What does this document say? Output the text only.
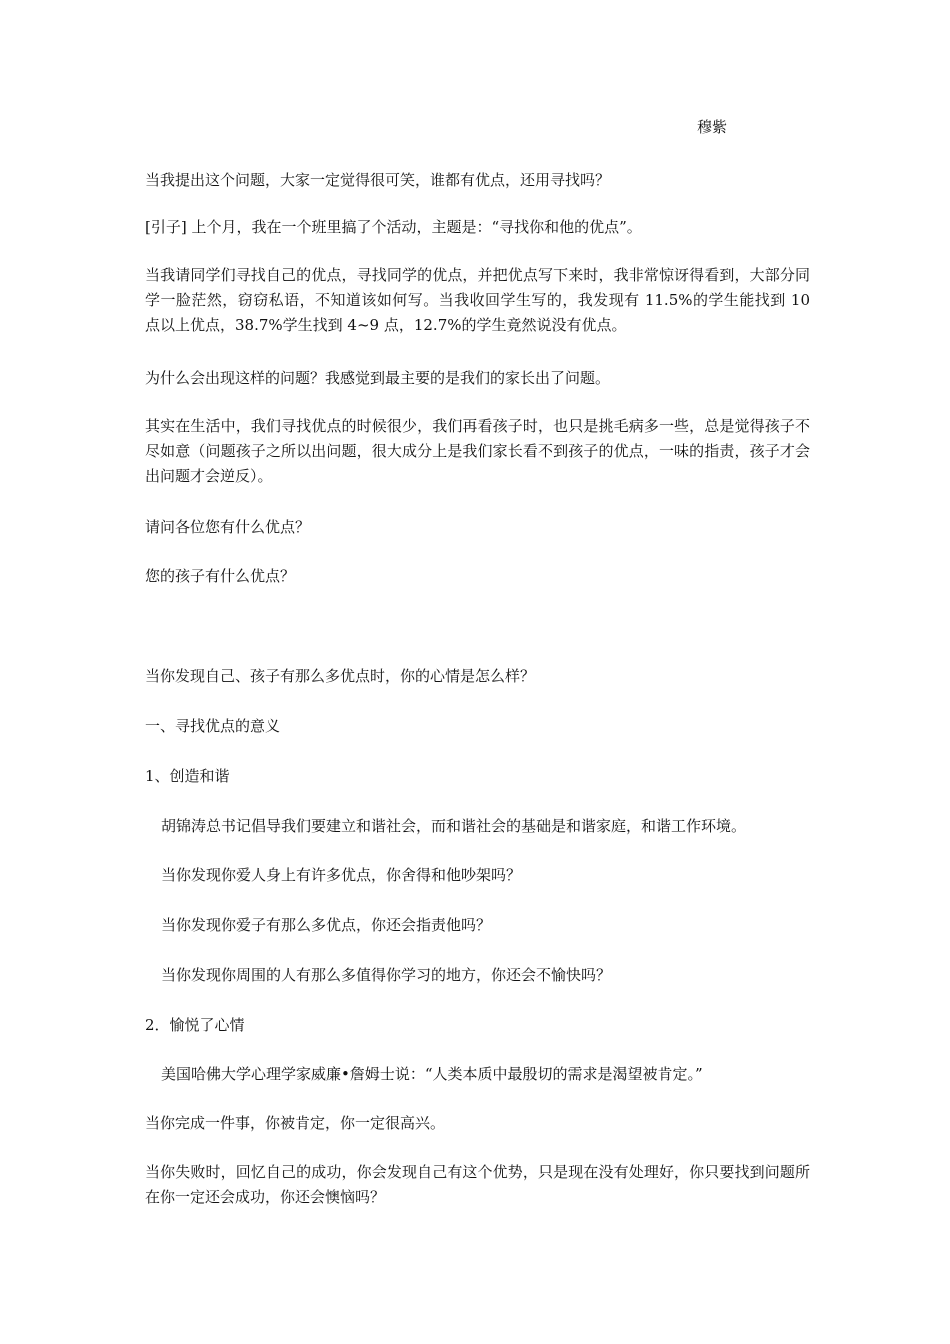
穆紫

当我提出这个问题，大家一定觉得很可笑，谁都有优点，还用寻找吗？

[引子] 上个月，我在一个班里搞了个活动，主题是：“寻找你和他的优点”。

当我请同学们寻找自己的优点，寻找同学的优点，并把优点写下来时，我非常惊讶得看到，大部分同学一脸茫然，窃窃私语，不知道该如何写。当我收回学生写的，我发现有 11.5%的学生能找到 10 点以上优点，38.7%学生找到 4~9 点，12.7%的学生竟然说没有优点。

为什么会出现这样的问题？我感觉到最主要的是我们的家长出了问题。

其实在生活中，我们寻找优点的时候很少，我们再看孩子时，也只是挑毛病多一些，总是觉得孩子不尽如意（问题孩子之所以出问题，很大成分上是我们家长看不到孩子的优点，一味的指责，孩子才会出问题才会逆反）。

请问各位您有什么优点？

您的孩子有什么优点？

当你发现自己、孩子有那么多优点时，你的心情是怎么样？

一、寻找优点的意义

1、创造和谐

胡锦涛总书记倡导我们要建立和谐社会，而和谐社会的基础是和谐家庭，和谐工作环境。

当你发现你爱人身上有许多优点，你舍得和他吵架吗？

当你发现你爱子有那么多优点，你还会指责他吗？

当你发现你周围的人有那么多值得你学习的地方，你还会不愉快吗？

2．愉悦了心情

美国哈佛大学心理学家威廉•詹姆士说：“人类本质中最殷切的需求是渴望被肯定。”

当你完成一件事，你被肯定，你一定很高兴。

当你失败时，回忆自己的成功，你会发现自己有这个优势，只是现在没有处理好，你只要找到问题所在你一定还会成功，你还会懊恼吗？
